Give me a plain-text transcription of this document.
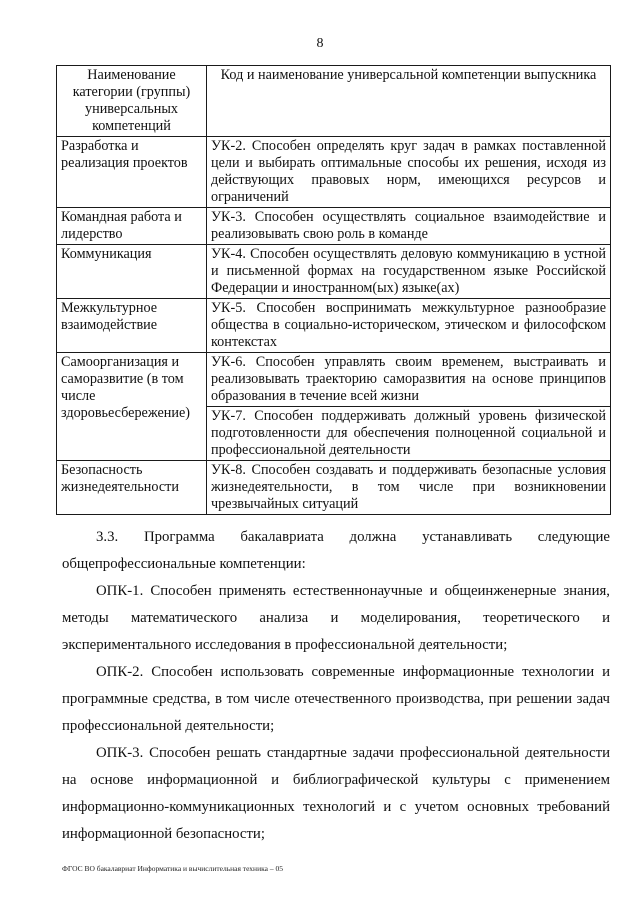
8
Наименование категории (группы) универсальных компетенций	Код и наименование универсальной компетенции выпускника
Разработка и реализация проектов	УК-2. Способен определять круг задач в рамках поставленной цели и выбирать оптимальные способы их решения, исходя из действующих правовых норм, имеющихся ресурсов и ограничений
Командная работа и лидерство	УК-3. Способен осуществлять социальное взаимодействие и реализовывать свою роль в команде
Коммуникация	УК-4. Способен осуществлять деловую коммуникацию в устной и письменной формах на государственном языке Российской Федерации и иностранном(ых) языке(ах)
Межкультурное взаимодействие	УК-5. Способен воспринимать межкультурное разнообразие общества в социально-историческом, этическом и философском контекстах
Самоорганизация и саморазвитие (в том числе здоровьесбережение)	УК-6. Способен управлять своим временем, выстраивать и реализовывать траекторию саморазвития на основе принципов образования в течение всей жизни
	УК-7. Способен поддерживать должный уровень физической подготовленности для обеспечения полноценной социальной и профессиональной деятельности
Безопасность жизнедеятельности	УК-8. Способен создавать и поддерживать безопасные условия жизнедеятельности, в том числе при возникновении чрезвычайных ситуаций

3.3. Программа бакалавриата должна устанавливать следующие общепрофессиональные компетенции:

ОПК-1. Способен применять естественнонаучные и общеинженерные знания, методы математического анализа и моделирования, теоретического и экспериментального исследования в профессиональной деятельности;

ОПК-2. Способен использовать современные информационные технологии и программные средства, в том числе отечественного производства, при решении задач профессиональной деятельности;

ОПК-3. Способен решать стандартные задачи профессиональной деятельности на основе информационной и библиографической культуры с применением информационно-коммуникационных технологий и с учетом основных требований информационной безопасности;

ФГОС ВО бакалавриат Информатика и вычислительная техника – 05
